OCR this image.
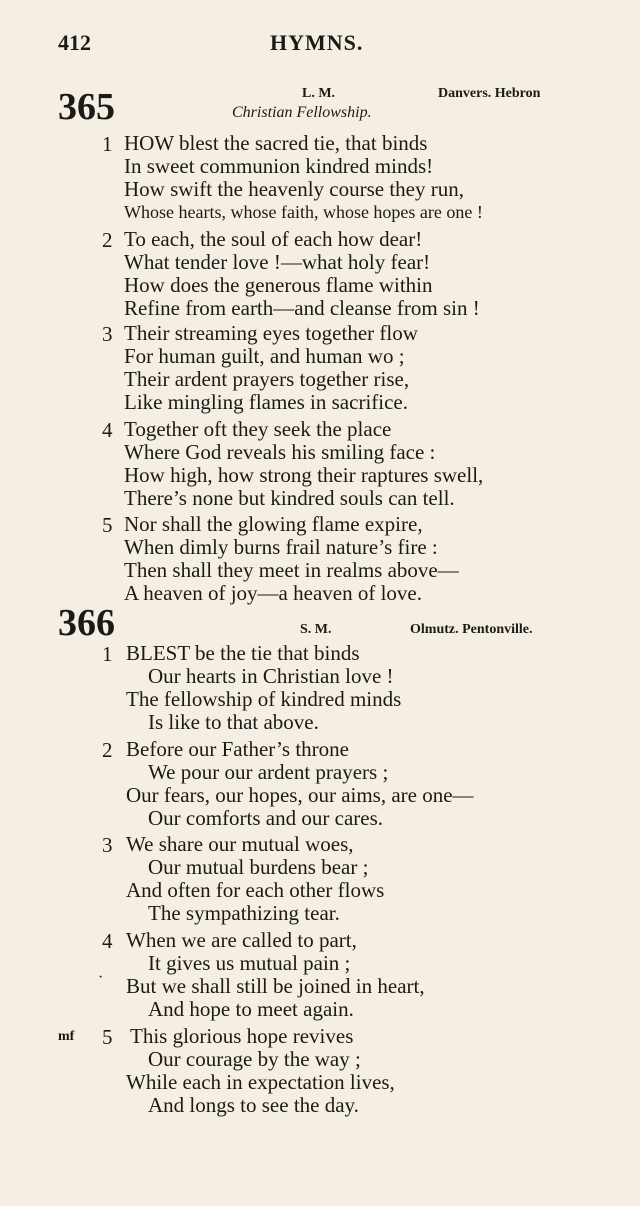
412	HYMNS.
365	L. M.	Danvers. Hebron
Christian Fellowship.
1 HOW blest the sacred tie, that binds
In sweet communion kindred minds!
How swift the heavenly course they run,
Whose hearts, whose faith, whose hopes are one !
2 To each, the soul of each how dear!
What tender love !—what holy fear!
How does the generous flame within
Refine from earth—and cleanse from sin !
3 Their streaming eyes together flow
For human guilt, and human wo ;
Their ardent prayers together rise,
Like mingling flames in sacrifice.
4 Together oft they seek the place
Where God reveals his smiling face :
How high, how strong their raptures swell,
There’s none but kindred souls can tell.
5 Nor shall the glowing flame expire,
When dimly burns frail nature’s fire :
Then shall they meet in realms above—
A heaven of joy—a heaven of love.
366	S. M.	Olmutz. Pentonville.
1 BLEST be the tie that binds
Our hearts in Christian love !
The fellowship of kindred minds
Is like to that above.
2 Before our Father’s throne
We pour our ardent prayers ;
Our fears, our hopes, our aims, are one—
Our comforts and our cares.
3 We share our mutual woes,
Our mutual burdens bear ;
And often for each other flows
The sympathizing tear.
4 When we are called to part,
It gives us mutual pain ;
· But we shall still be joined in heart,
And hope to meet again.
mf 5 This glorious hope revives
Our courage by the way ;
While each in expectation lives,
And longs to see the day.
